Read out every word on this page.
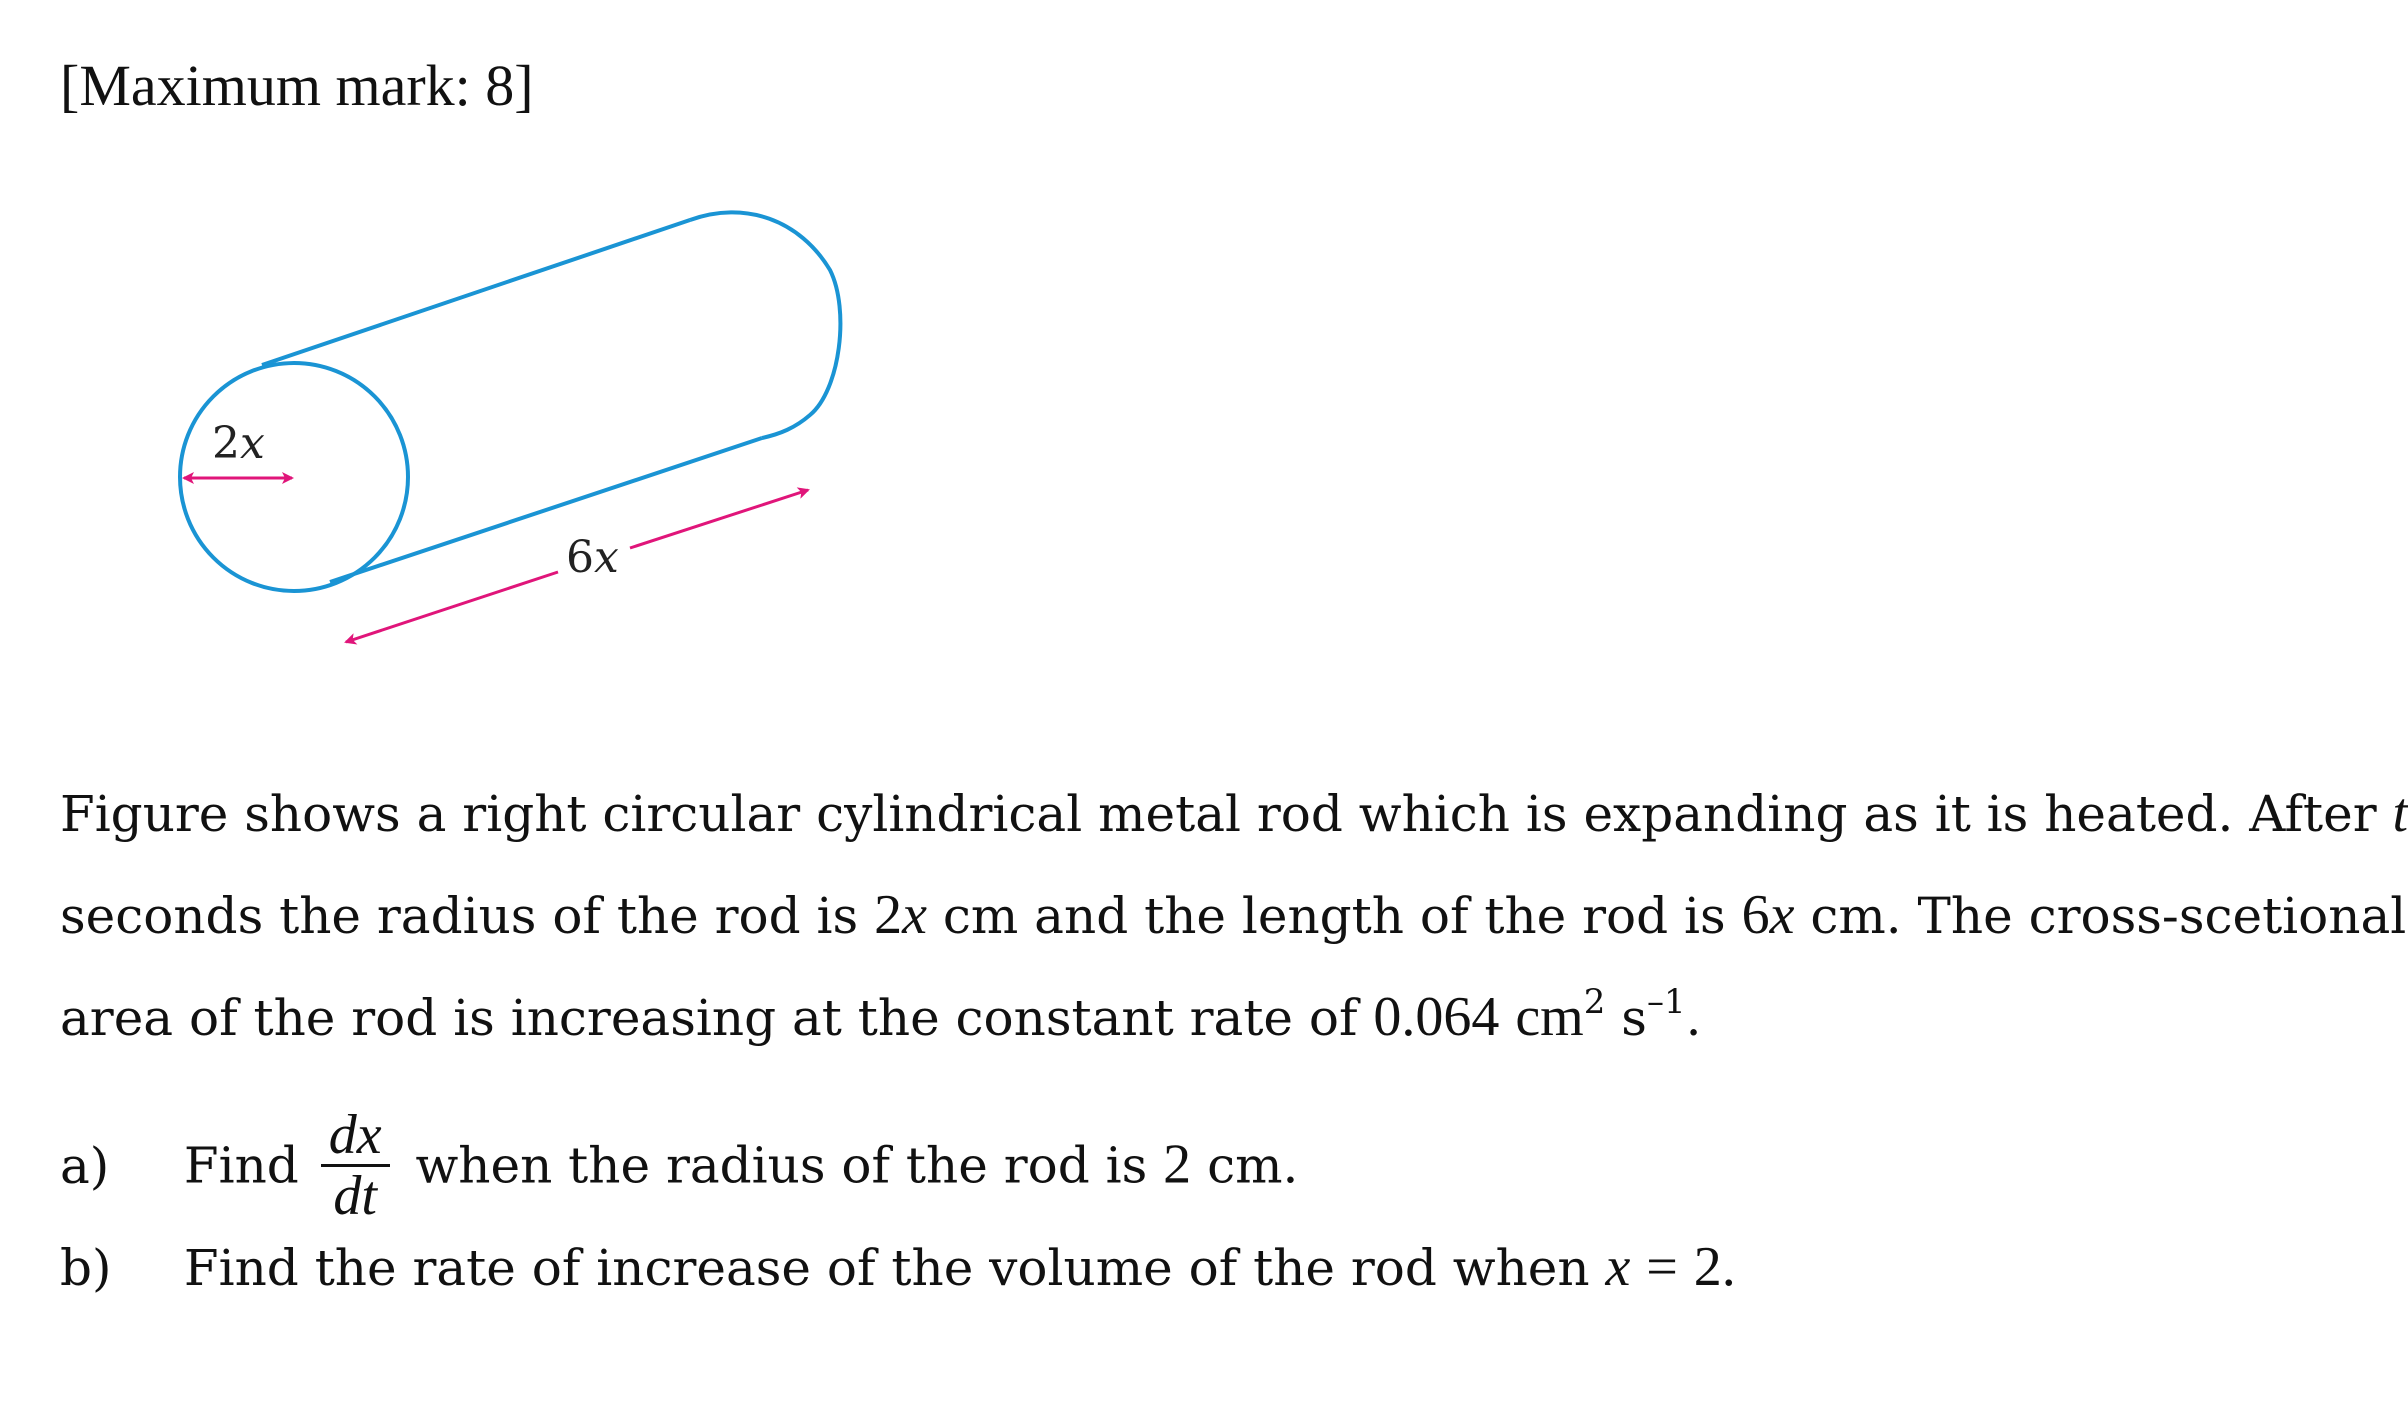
[Maximum mark: 8]
2x
6x
Figure shows a right circular cylindrical metal rod which is expanding as it is heated. After t
seconds the radius of the rod is 2x cm and the length of the rod is 6x cm. The cross-scetional
area of the rod is increasing at the constant rate of 0.064 $cm^2$ $s^{-1}$.
a) Find $\frac{dx}{dt}$ when the radius of the rod is 2 cm.
b) Find the rate of increase of the volume of the rod when x = 2.
